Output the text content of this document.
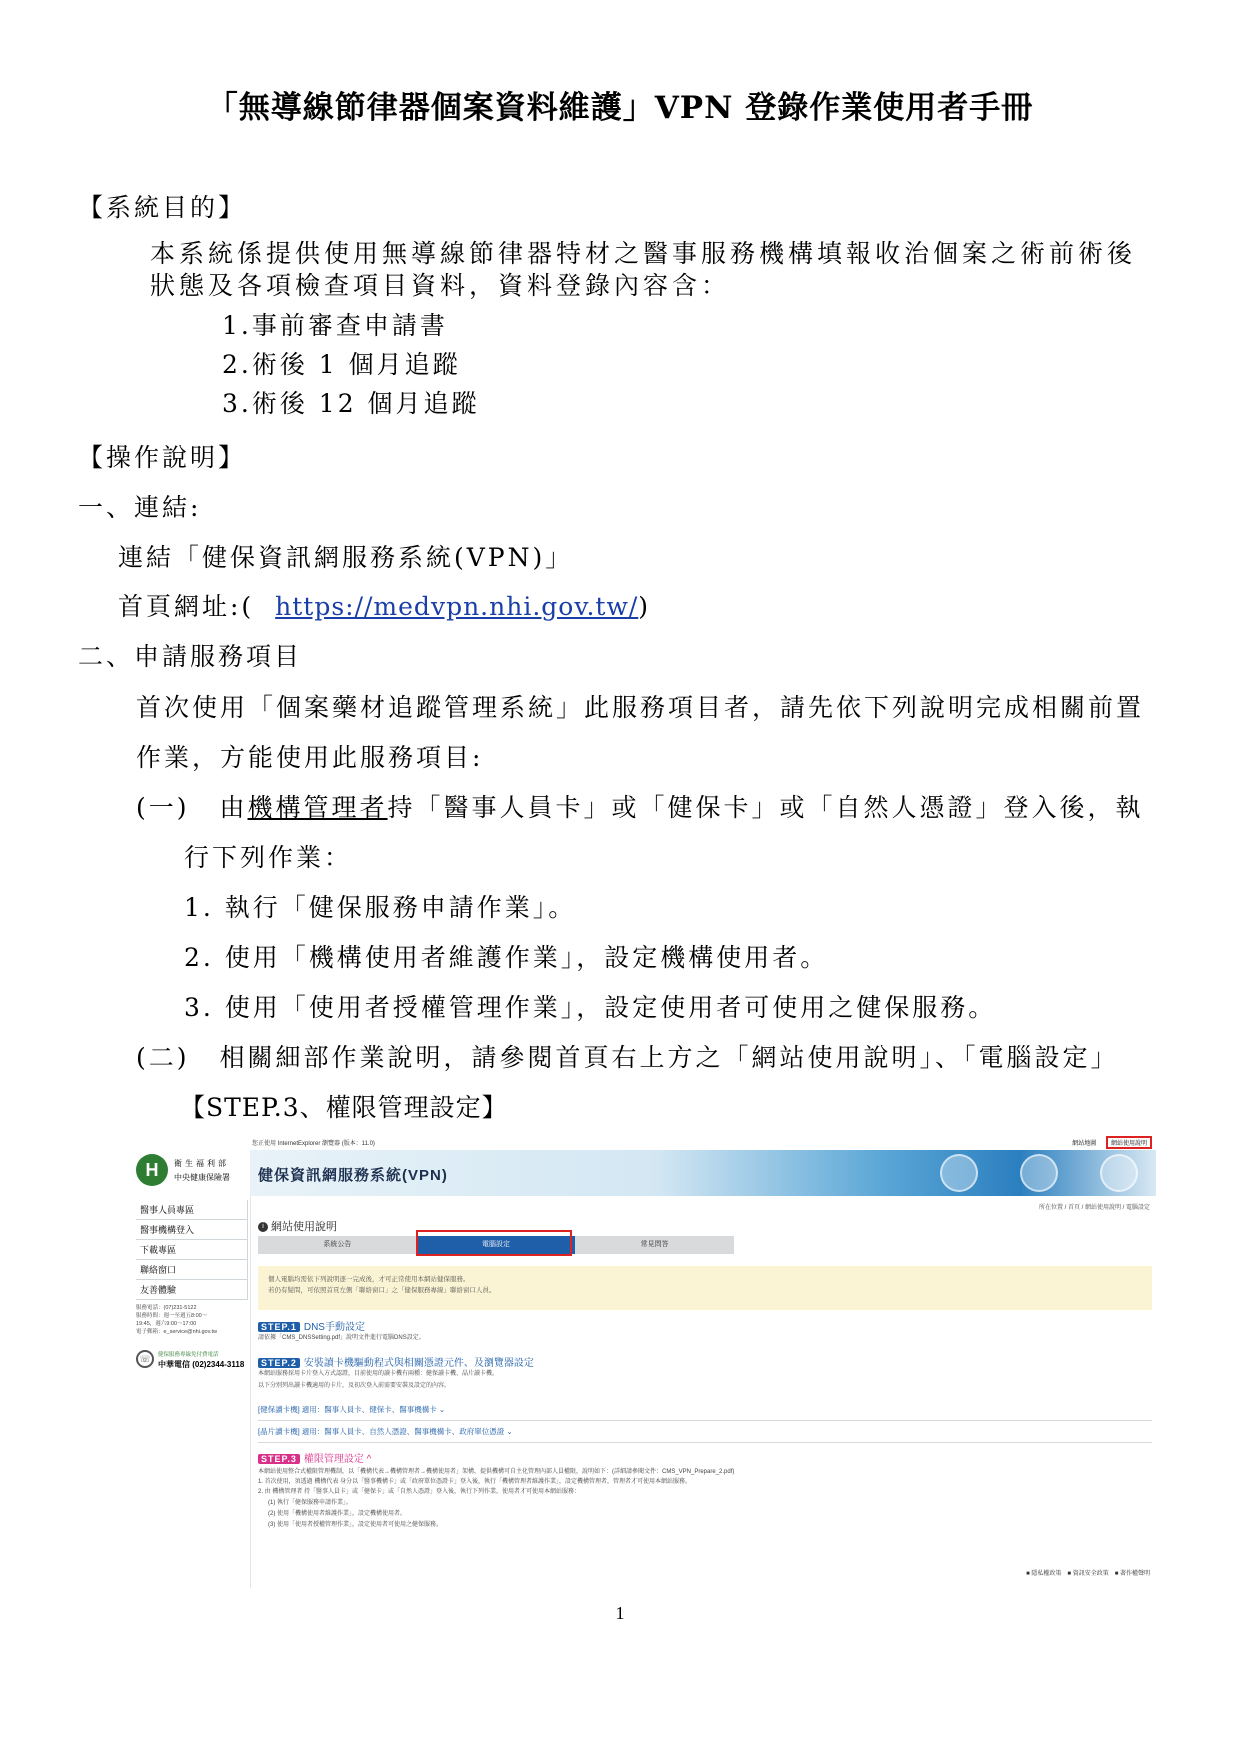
「無導線節律器個案資料維護」VPN 登錄作業使用者手冊
【系統目的】
本系統係提供使用無導線節律器特材之醫事服務機構填報收治個案之術前術後
狀態及各項檢查項目資料，資料登錄內容含：
1.事前審查申請書
2.術後 1 個月追蹤
3.術後 12 個月追蹤
【操作說明】
一、連結:
連結「健保資訊網服務系統(VPN)」
首頁網址:( https://medvpn.nhi.gov.tw/)
二、申請服務項目
首次使用「個案藥材追蹤管理系統」此服務項目者，請先依下列說明完成相關前置
作業，方能使用此服務項目:
(一) 由機構管理者持「醫事人員卡」或「健保卡」或「自然人憑證」登入後，執
行下列作業：
1. 執行「健保服務申請作業」。
2. 使用「機構使用者維護作業」，設定機構使用者。
3. 使用「使用者授權管理作業」，設定使用者可使用之健保服務。
(二) 相關細部作業說明，請參閱首頁右上方之「網站使用說明」、「電腦設定」
【STEP.3、權限管理設定】
H	衛生福利部
中央健康保險署
醫事人員專區
醫事機構登入
下載專區
聯絡窗口
友善體驗
服務電話：(07)231-5122
服務時間：週一至週五8:00～
19:45，週六9:00～17:00
電子郵箱：e_service@nhi.gov.tw
☏	健保服務專線免付費電話
中華電信 (02)2344-3118
您正使用 InternetExplorer 瀏覽器 (版本：11.0)	網站地圖 網站使用說明
健保資訊網服務系統(VPN)
所在位置 / 首頁 / 網站使用說明 / 電腦設定
i 網站使用說明
系統公告	電腦設定	常見問答
個人電腦均需依下列說明逐一完成後，才可正常使用本網站健保服務。
若仍有疑問，可依照首頁左側「聯絡窗口」之「健保服務專線」聯絡窗口人員。
STEP.1 DNS手動設定
請依據「CMS_DNSSetting.pdf」說明文件進行電腦DNS設定。
STEP.2 安裝讀卡機驅動程式與相關憑證元件、及瀏覽器設定
本網站服務採用卡片登入方式認證，目前使用的讀卡機有兩種：健保讀卡機、晶片讀卡機。
以下分別列出讀卡機適用的卡片，及初次登入前需要安裝及設定的內容。
[健保讀卡機] 適用：醫事人員卡、健保卡、醫事機構卡 ⌄
[晶片讀卡機] 適用：醫事人員卡、自然人憑證、醫事機構卡、政府單位憑證 ⌄
STEP.3 權限管理設定 ^
本網站使用整合式權限管理機制，以「機構代表→機構管理者→機構使用者」架構，提供機構可自主化管理內部人員權限，說明如下：(詳細請參閱文件：CMS_VPN_Prepare_2.pdf)
1. 首次使用，須透過 機構代表 身分以「醫事機構卡」或「政府單位憑證卡」登入後，執行「機構管理者維護作業」，設定機構管理者，管理者才可使用本網站服務。
2. 由 機構管理者 持「醫事人員卡」或「健保卡」或「自然人憑證」登入後，執行下列作業，使用者才可使用本網站服務：
(1) 執行「健保服務申請作業」。
(2) 使用「機構使用者維護作業」，設定機構使用者。
(3) 使用「使用者授權管理作業」，設定使用者可使用之健保服務。
■ 隱私權政策　■ 資訊安全政策　■ 著作權聲明
1
